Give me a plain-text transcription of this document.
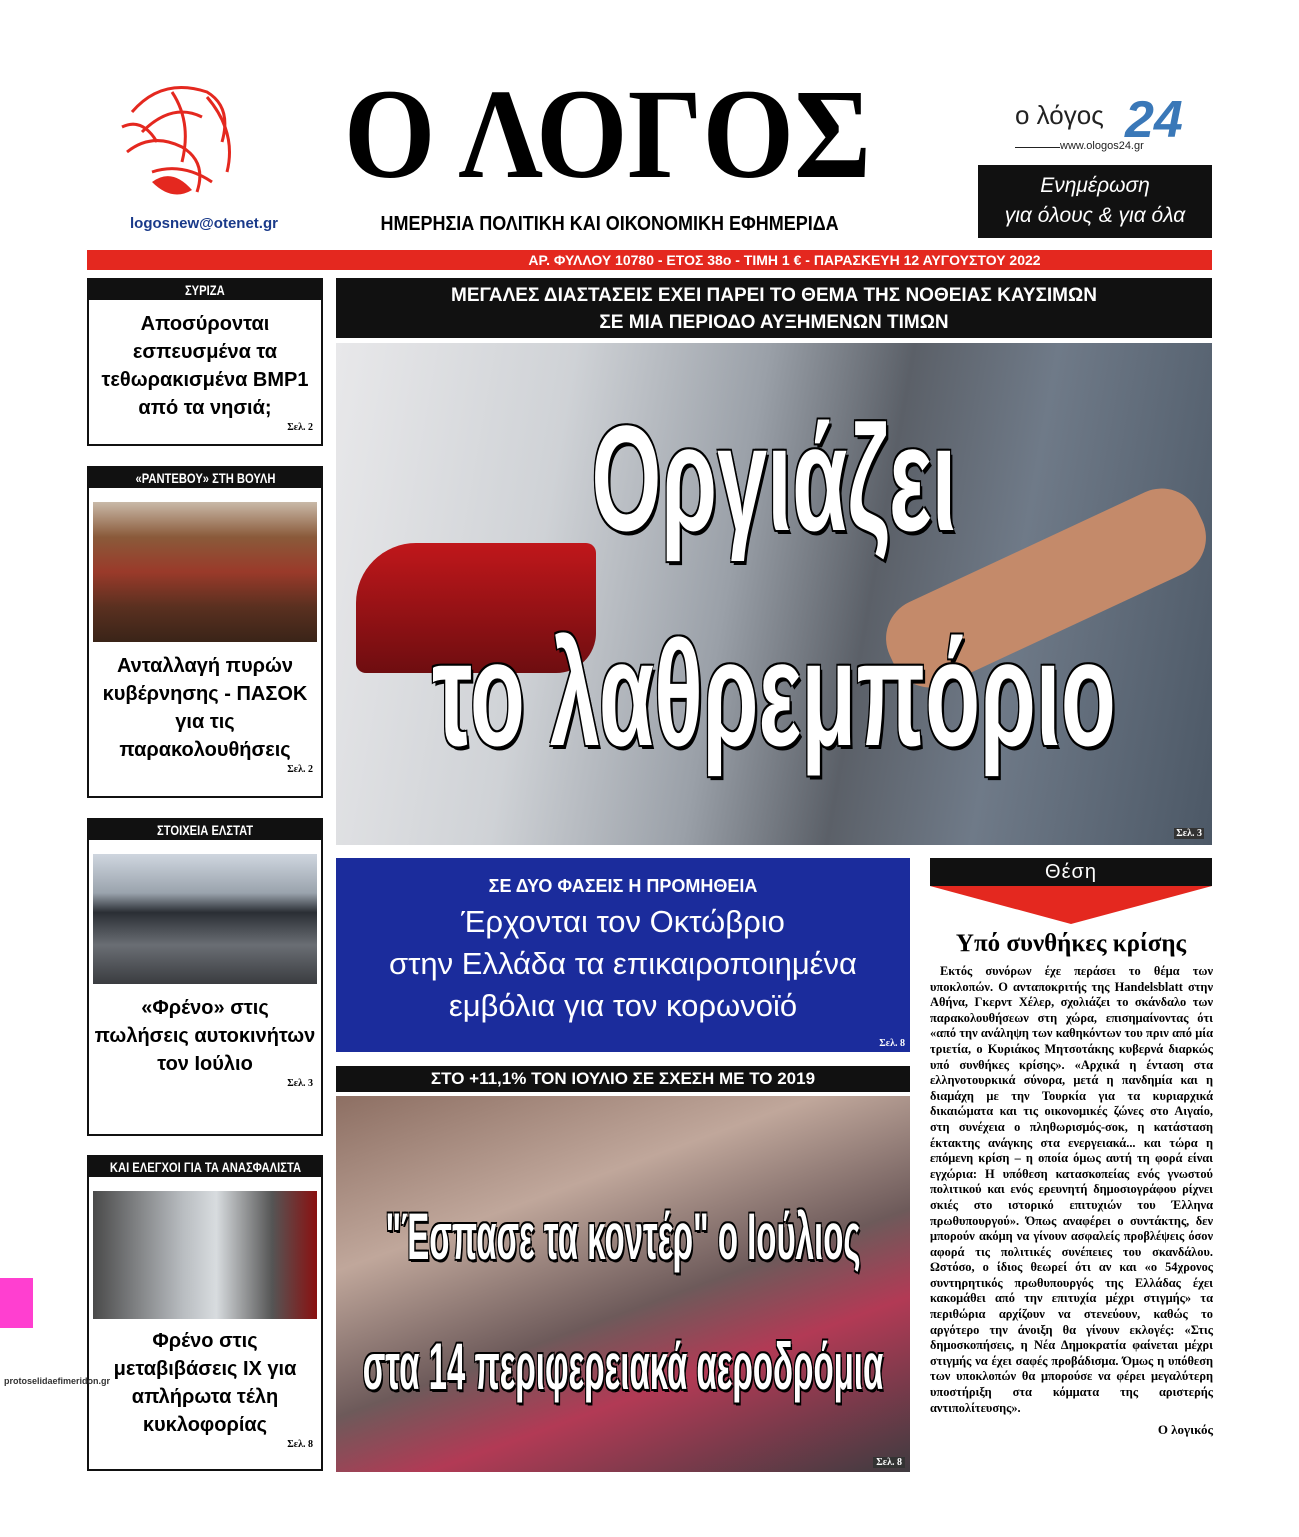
logosnew@otenet.gr
Ο ΛΟΓΟΣ
ΗΜΕΡΗΣΙΑ ΠΟΛΙΤΙΚΗ ΚΑΙ ΟΙΚΟΝΟΜΙΚΗ ΕΦΗΜΕΡΙΔΑ
ο λόγος 24
www.ologos24.gr
Ενημέρωση
για όλους & για όλα
ΑΡ. ΦΥΛΛΟΥ 10780 - ΕΤΟΣ 38ο - ΤΙΜΗ 1 € - ΠΑΡΑΣΚΕΥΗ 12 ΑΥΓΟΥΣΤΟΥ 2022
ΣΥΡΙΖΑ
Αποσύρονται εσπευσμένα τα τεθωρακισμένα BMP1 από τα νησιά;
Σελ. 2
«ΡΑΝΤΕΒΟΥ» ΣΤΗ ΒΟΥΛΗ
Ανταλλαγή πυρών κυβέρνησης - ΠΑΣΟΚ για τις παρακολουθήσεις
Σελ. 2
ΣΤΟΙΧΕΙΑ ΕΛΣΤΑΤ
«Φρένο» στις πωλήσεις αυτοκινήτων τον Ιούλιο
Σελ. 3
ΚΑΙ ΕΛΕΓΧΟΙ ΓΙΑ ΤΑ ΑΝΑΣΦΑΛΙΣΤΑ
Φρένο στις μεταβιβάσεις ΙΧ για απλήρωτα τέλη κυκλοφορίας
Σελ. 8
ΜΕΓΑΛΕΣ ΔΙΑΣΤΑΣΕΙΣ ΕΧΕΙ ΠΑΡΕΙ ΤΟ ΘΕΜΑ ΤΗΣ ΝΟΘΕΙΑΣ ΚΑΥΣΙΜΩΝ
ΣΕ ΜΙΑ ΠΕΡΙΟΔΟ ΑΥΞΗΜΕΝΩΝ ΤΙΜΩΝ
Οργιάζει
το λαθρεμπόριο
Σελ. 3
ΣΕ ΔΥΟ ΦΑΣΕΙΣ Η ΠΡΟΜΗΘΕΙΑ
Έρχονται τον Οκτώβριο
στην Ελλάδα τα επικαιροποιημένα
εμβόλια για τον κορωνοϊό
Σελ. 8
ΣΤΟ +11,1% ΤΟΝ ΙΟΥΛΙΟ ΣΕ ΣΧΕΣΗ ΜΕ ΤΟ 2019
"Έσπασε τα κοντέρ" ο Ιούλιος
στα 14 περιφερειακά αεροδρόμια
Σελ. 8
Θέση
Υπό συνθήκες κρίσης
Εκτός συνόρων έχε περάσει το θέμα των υποκλοπών. Ο ανταποκριτής της Handelsblatt στην Αθήνα, Γκερντ Χέλερ, σχολιάζει το σκάνδαλο των παρακολουθήσεων στη χώρα, επισημαίνοντας ότι «από την ανάληψη των καθηκόντων του πριν από μία τριετία, ο Κυριάκος Μητσοτάκης κυβερνά διαρκώς υπό συνθήκες κρίσης». «Αρχικά η ένταση στα ελληνοτουρκικά σύνορα, μετά η πανδημία και η διαμάχη με την Τουρκία για τα κυριαρχικά δικαιώματα και τις οικονομικές ζώνες στο Αιγαίο, στη συνέχεια ο πληθωρισμός-σοκ, η κατάσταση έκτακτης ανάγκης στα ενεργειακά... και τώρα η επόμενη κρίση – η οποία όμως αυτή τη φορά είναι εγχώρια: Η υπόθεση κατασκοπείας ενός γνωστού πολιτικού και ενός ερευνητή δημοσιογράφου ρίχνει σκιές στο ιστορικό επιτυχιών του Έλληνα πρωθυπουργού». Όπως αναφέρει ο συντάκτης, δεν μπορούν ακόμη να γίνουν ασφαλείς προβλέψεις όσον αφορά τις πολιτικές συνέπειες του σκανδάλου. Ωστόσο, ο ίδιος θεωρεί ότι αν και «ο 54χρονος συντηρητικός πρωθυπουργός της Ελλάδας έχει κακομάθει από την επιτυχία μέχρι στιγμής» τα περιθώρια αρχίζουν να στενεύουν, καθώς το αργότερο την άνοιξη θα γίνουν εκλογές: «Στις δημοσκοπήσεις, η Νέα Δημοκρατία φαίνεται μέχρι στιγμής να έχει σαφές προβάδισμα. Όμως η υπόθεση των υποκλοπών θα μπορούσε να φέρει μεγαλύτερη υποστήριξη στα κόμματα της αριστερής αντιπολίτευσης».
Ο λογικός
protoselidaefimeridon.gr
